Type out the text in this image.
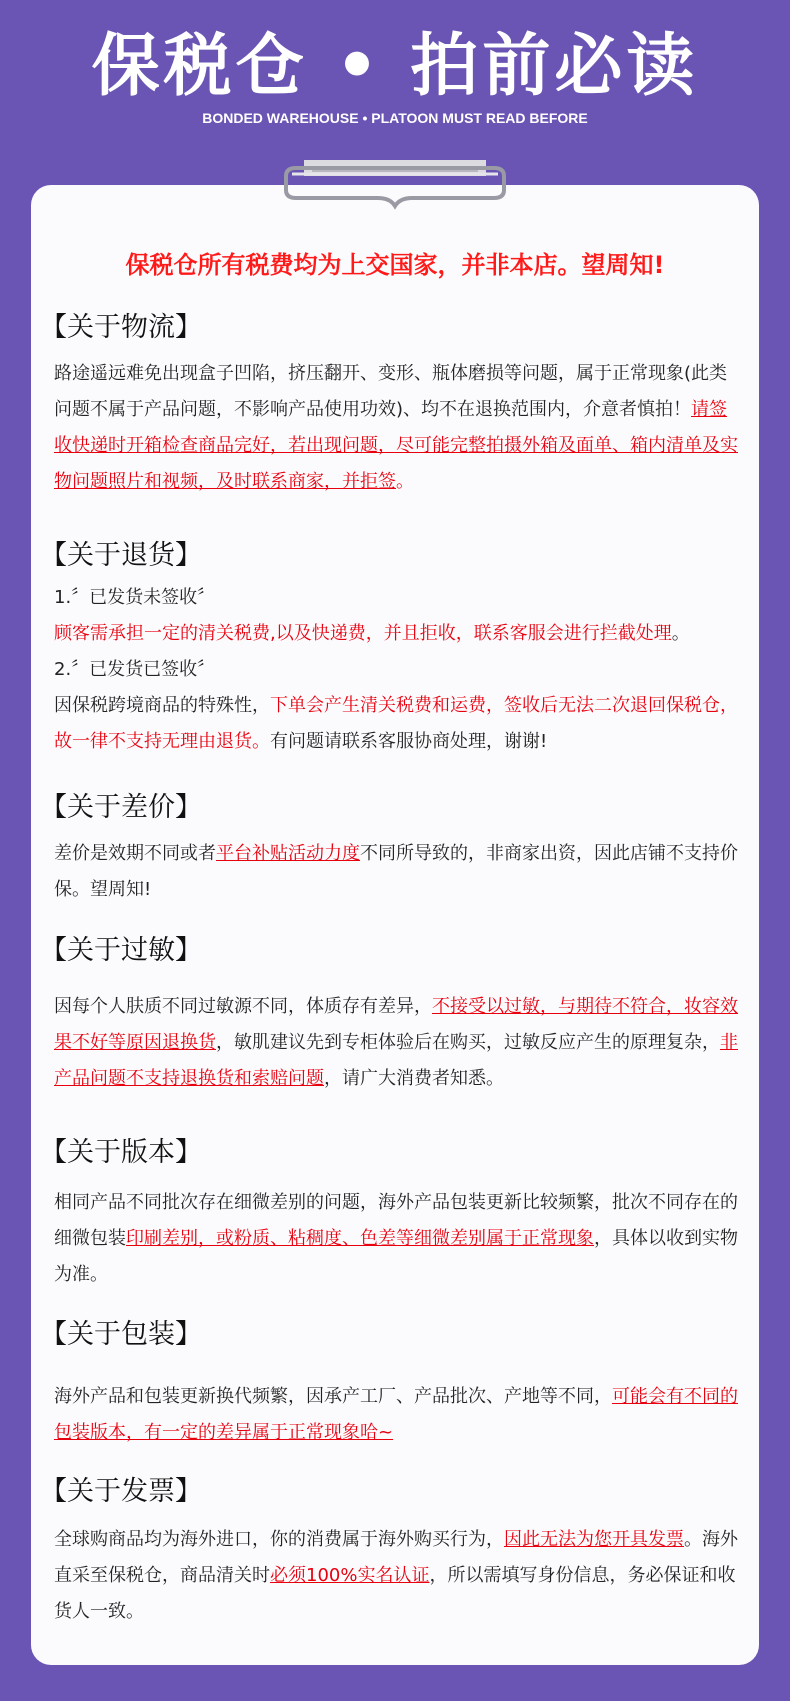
保税仓 • 拍前必读
BONDED WAREHOUSE • PLATOON MUST READ BEFORE
保税仓所有税费均为上交国家，并非本店。望周知!
【关于物流】
路途遥远难免出现盒子凹陷，挤压翻开、变形、瓶体磨损等问题，属于正常现象(此类问题不属于产品问题，不影响产品使用功效)、均不在退换范围内，介意者慎拍！请签收快递时开箱检查商品完好，若出现问题，尽可能完整拍摄外箱及面单、箱内清单及实物问题照片和视频，及时联系商家，并拒签。
【关于退货】
1.〞已发货未签收〞
顾客需承担一定的清关税费,以及快递费，并且拒收，联系客服会进行拦截处理。
2.〞已发货已签收〞
因保税跨境商品的特殊性，下单会产生清关税费和运费，签收后无法二次退回保税仓，故一律不支持无理由退货。有问题请联系客服协商处理，谢谢!
【关于差价】
差价是效期不同或者平台补贴活动力度不同所导致的，非商家出资，因此店铺不支持价保。望周知!
【关于过敏】
因每个人肤质不同过敏源不同，体质存有差异，不接受以过敏，与期待不符合，妆容效果不好等原因退换货，敏肌建议先到专柜体验后在购买，过敏反应产生的原理复杂，非产品问题不支持退换货和索赔问题，请广大消费者知悉。
【关于版本】
相同产品不同批次存在细微差别的问题，海外产品包装更新比较频繁，批次不同存在的细微包装印刷差别，或粉质、粘稠度、色差等细微差别属于正常现象，具体以收到实物为准。
【关于包装】
海外产品和包装更新换代频繁，因承产工厂、产品批次、产地等不同，可能会有不同的包装版本，有一定的差异属于正常现象哈~
【关于发票】
全球购商品均为海外进口，你的消费属于海外购买行为，因此无法为您开具发票。海外直采至保税仓，商品清关时必须100%实名认证，所以需填写身份信息，务必保证和收货人一致。
